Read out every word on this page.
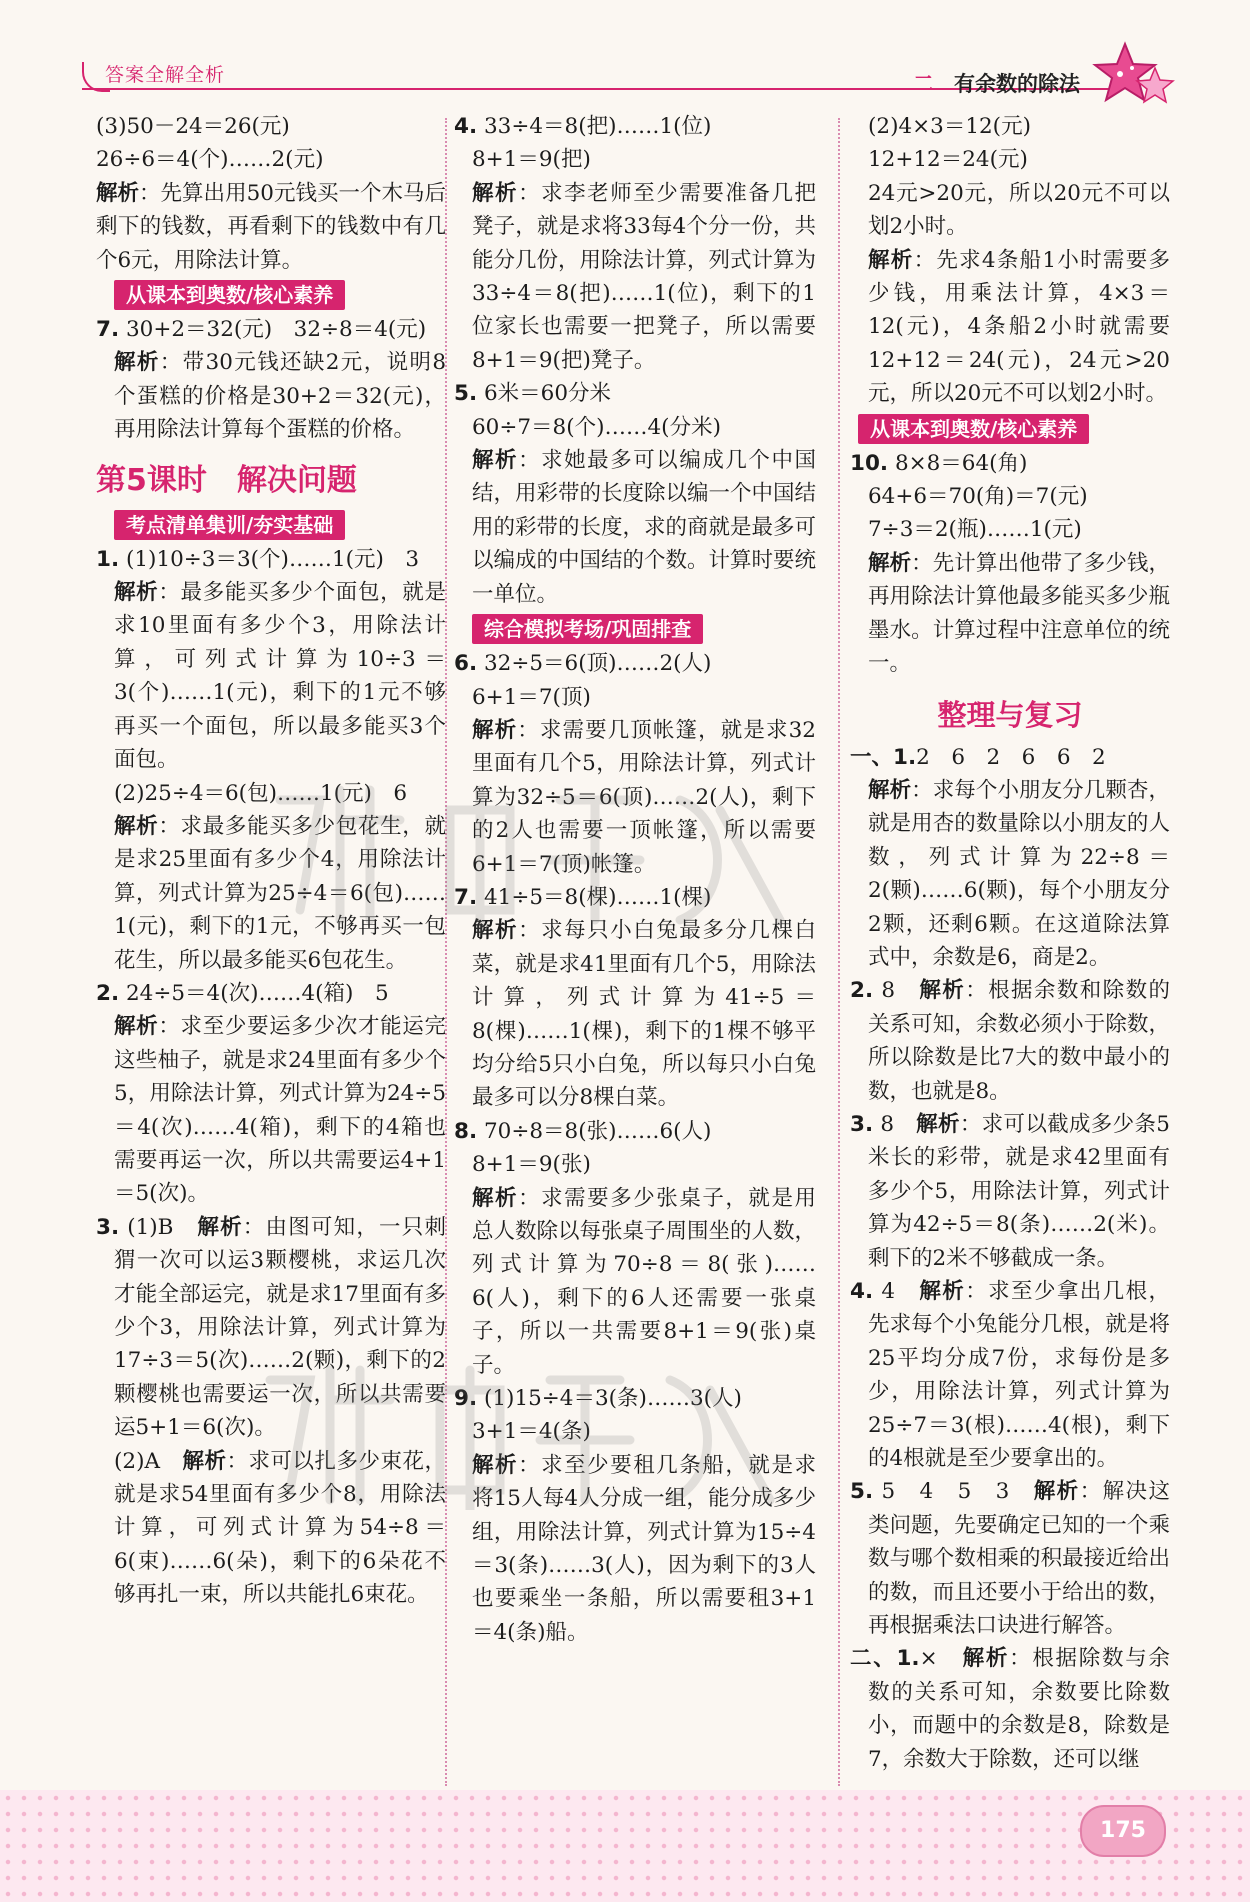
答案全解全析	二 有余数的除法

(3)50－24＝26(元)

26÷6＝4(个)……2(元)

解析：先算出用50元钱买一个木马后剩下的钱数，再看剩下的钱数中有几个6元，用除法计算。

从课本到奥数/核心素养

7. 30+2＝32(元)　32÷8＝4(元)

解析：带30元钱还缺2元，说明8个蛋糕的价格是30+2＝32(元)，再用除法计算每个蛋糕的价格。

第5课时　解决问题
考点清单集训/夯实基础

1. (1)10÷3＝3(个)……1(元)　3

解析：最多能买多少个面包，就是求10里面有多少个3，用除法计算，可列式计算为10÷3＝3(个)……1(元)，剩下的1元不够再买一个面包，所以最多能买3个面包。

(2)25÷4＝6(包)……1(元)　6

解析：求最多能买多少包花生，就是求25里面有多少个4，用除法计算，列式计算为25÷4＝6(包)……1(元)，剩下的1元，不够再买一包花生，所以最多能买6包花生。

2. 24÷5＝4(次)……4(箱)　5

解析：求至少要运多少次才能运完这些柚子，就是求24里面有多少个5，用除法计算，列式计算为24÷5＝4(次)……4(箱)，剩下的4箱也需要再运一次，所以共需要运4+1＝5(次)。

3. (1)B　解析：由图可知，一只刺猬一次可以运3颗樱桃，求运几次才能全部运完，就是求17里面有多少个3，用除法计算，列式计算为17÷3＝5(次)……2(颗)，剩下的2颗樱桃也需要运一次，所以共需要运5+1＝6(次)。

(2)A　解析：求可以扎多少束花，就是求54里面有多少个8，用除法计算，可列式计算为54÷8＝6(束)……6(朵)，剩下的6朵花不够再扎一束，所以共能扎6束花。

4. 33÷4＝8(把)……1(位)

8+1＝9(把)

解析：求李老师至少需要准备几把凳子，就是求将33每4个分一份，共能分几份，用除法计算，列式计算为33÷4＝8(把)……1(位)，剩下的1位家长也需要一把凳子，所以需要8+1＝9(把)凳子。

5. 6米＝60分米

60÷7＝8(个)……4(分米)

解析：求她最多可以编成几个中国结，用彩带的长度除以编一个中国结用的彩带的长度，求的商就是最多可以编成的中国结的个数。计算时要统一单位。

综合模拟考场/巩固排查

6. 32÷5＝6(顶)……2(人)

6+1＝7(顶)

解析：求需要几顶帐篷，就是求32里面有几个5，用除法计算，列式计算为32÷5＝6(顶)……2(人)，剩下的2人也需要一顶帐篷，所以需要6+1＝7(顶)帐篷。

7. 41÷5＝8(棵)……1(棵)

解析：求每只小白兔最多分几棵白菜，就是求41里面有几个5，用除法计算，列式计算为41÷5＝8(棵)……1(棵)，剩下的1棵不够平均分给5只小白兔，所以每只小白兔最多可以分8棵白菜。

8. 70÷8＝8(张)……6(人)

8+1＝9(张)

解析：求需要多少张桌子，就是用总人数除以每张桌子周围坐的人数，列式计算为70÷8＝8(张)……6(人)，剩下的6人还需要一张桌子，所以一共需要8+1＝9(张)桌子。

9. (1)15÷4＝3(条)……3(人)

3+1＝4(条)

解析：求至少要租几条船，就是求将15人每4人分成一组，能分成多少组，用除法计算，列式计算为15÷4＝3(条)……3(人)，因为剩下的3人也要乘坐一条船，所以需要租3+1＝4(条)船。

(2)4×3＝12(元)

12+12＝24(元)

24元>20元，所以20元不可以划2小时。

解析：先求4条船1小时需要多少钱，用乘法计算，4×3＝12(元)，4条船2小时就需要12+12＝24(元)，24元>20元，所以20元不可以划2小时。

从课本到奥数/核心素养

10. 8×8＝64(角)

64+6＝70(角)＝7(元)

7÷3＝2(瓶)……1(元)

解析：先计算出他带了多少钱，再用除法计算他最多能买多少瓶墨水。计算过程中注意单位的统一。

整理与复习

一、1.2　6　2　6　6　2

解析：求每个小朋友分几颗杏，就是用杏的数量除以小朋友的人数，列式计算为22÷8＝2(颗)……6(颗)，每个小朋友分2颗，还剩6颗。在这道除法算式中，余数是6，商是2。

2. 8　解析：根据余数和除数的关系可知，余数必须小于除数，所以除数是比7大的数中最小的数，也就是8。

3. 8　解析：求可以截成多少条5米长的彩带，就是求42里面有多少个5，用除法计算，列式计算为42÷5＝8(条)……2(米)。剩下的2米不够截成一条。

4. 4　解析：求至少拿出几根，先求每个小兔能分几根，就是将25平均分成7份，求每份是多少，用除法计算，列式计算为25÷7＝3(根)……4(根)，剩下的4根就是至少要拿出的。

5. 5　4　5　3　解析：解决这类问题，先要确定已知的一个乘数与哪个数相乘的积最接近给出的数，而且还要小于给出的数，再根据乘法口诀进行解答。

二、1.×　解析：根据除数与余数的关系可知，余数要比除数小，而题中的余数是8，除数是7，余数大于除数，还可以继

175
